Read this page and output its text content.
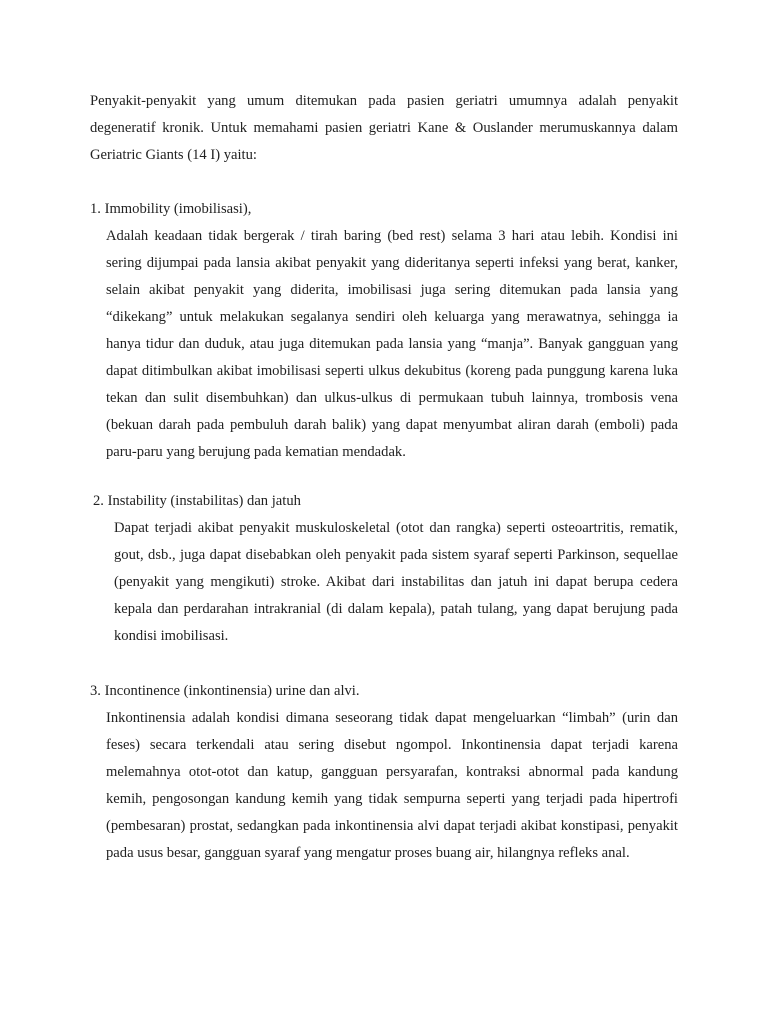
Penyakit-penyakit yang umum ditemukan pada pasien geriatri umumnya adalah penyakit degeneratif kronik. Untuk memahami pasien geriatri Kane & Ouslander merumuskannya dalam Geriatric Giants (14 I) yaitu:

1. Immobility (imobilisasi),

Adalah keadaan tidak bergerak / tirah baring (bed rest) selama 3 hari atau lebih. Kondisi ini sering dijumpai pada lansia akibat penyakit yang dideritanya seperti infeksi yang berat, kanker, selain akibat penyakit yang diderita, imobilisasi juga sering ditemukan pada lansia yang “dikekang” untuk melakukan segalanya sendiri oleh keluarga yang merawatnya, sehingga ia hanya tidur dan duduk, atau juga ditemukan pada lansia yang “manja”. Banyak gangguan yang dapat ditimbulkan akibat imobilisasi seperti ulkus dekubitus (koreng pada punggung karena luka tekan dan sulit disembuhkan) dan ulkus-ulkus di permukaan tubuh lainnya, trombosis vena (bekuan darah pada pembuluh darah balik) yang dapat menyumbat aliran darah (emboli) pada paru-paru yang berujung pada kematian mendadak.

2. Instability (instabilitas) dan jatuh

Dapat terjadi akibat penyakit muskuloskeletal (otot dan rangka) seperti osteoartritis, rematik, gout, dsb., juga dapat disebabkan oleh penyakit pada sistem syaraf seperti Parkinson, sequellae (penyakit yang mengikuti) stroke. Akibat dari instabilitas dan jatuh ini dapat berupa cedera kepala dan perdarahan intrakranial (di dalam kepala), patah tulang, yang dapat berujung pada kondisi imobilisasi.

3. Incontinence (inkontinensia) urine dan alvi.

Inkontinensia adalah kondisi dimana seseorang tidak dapat mengeluarkan “limbah” (urin dan feses) secara terkendali atau sering disebut ngompol. Inkontinensia dapat terjadi karena melemahnya otot-otot dan katup, gangguan persyarafan, kontraksi abnormal pada kandung kemih, pengosongan kandung kemih yang tidak sempurna seperti yang terjadi pada hipertrofi (pembesaran) prostat, sedangkan pada inkontinensia alvi dapat terjadi akibat konstipasi, penyakit pada usus besar, gangguan syaraf yang mengatur proses buang air, hilangnya refleks anal.
